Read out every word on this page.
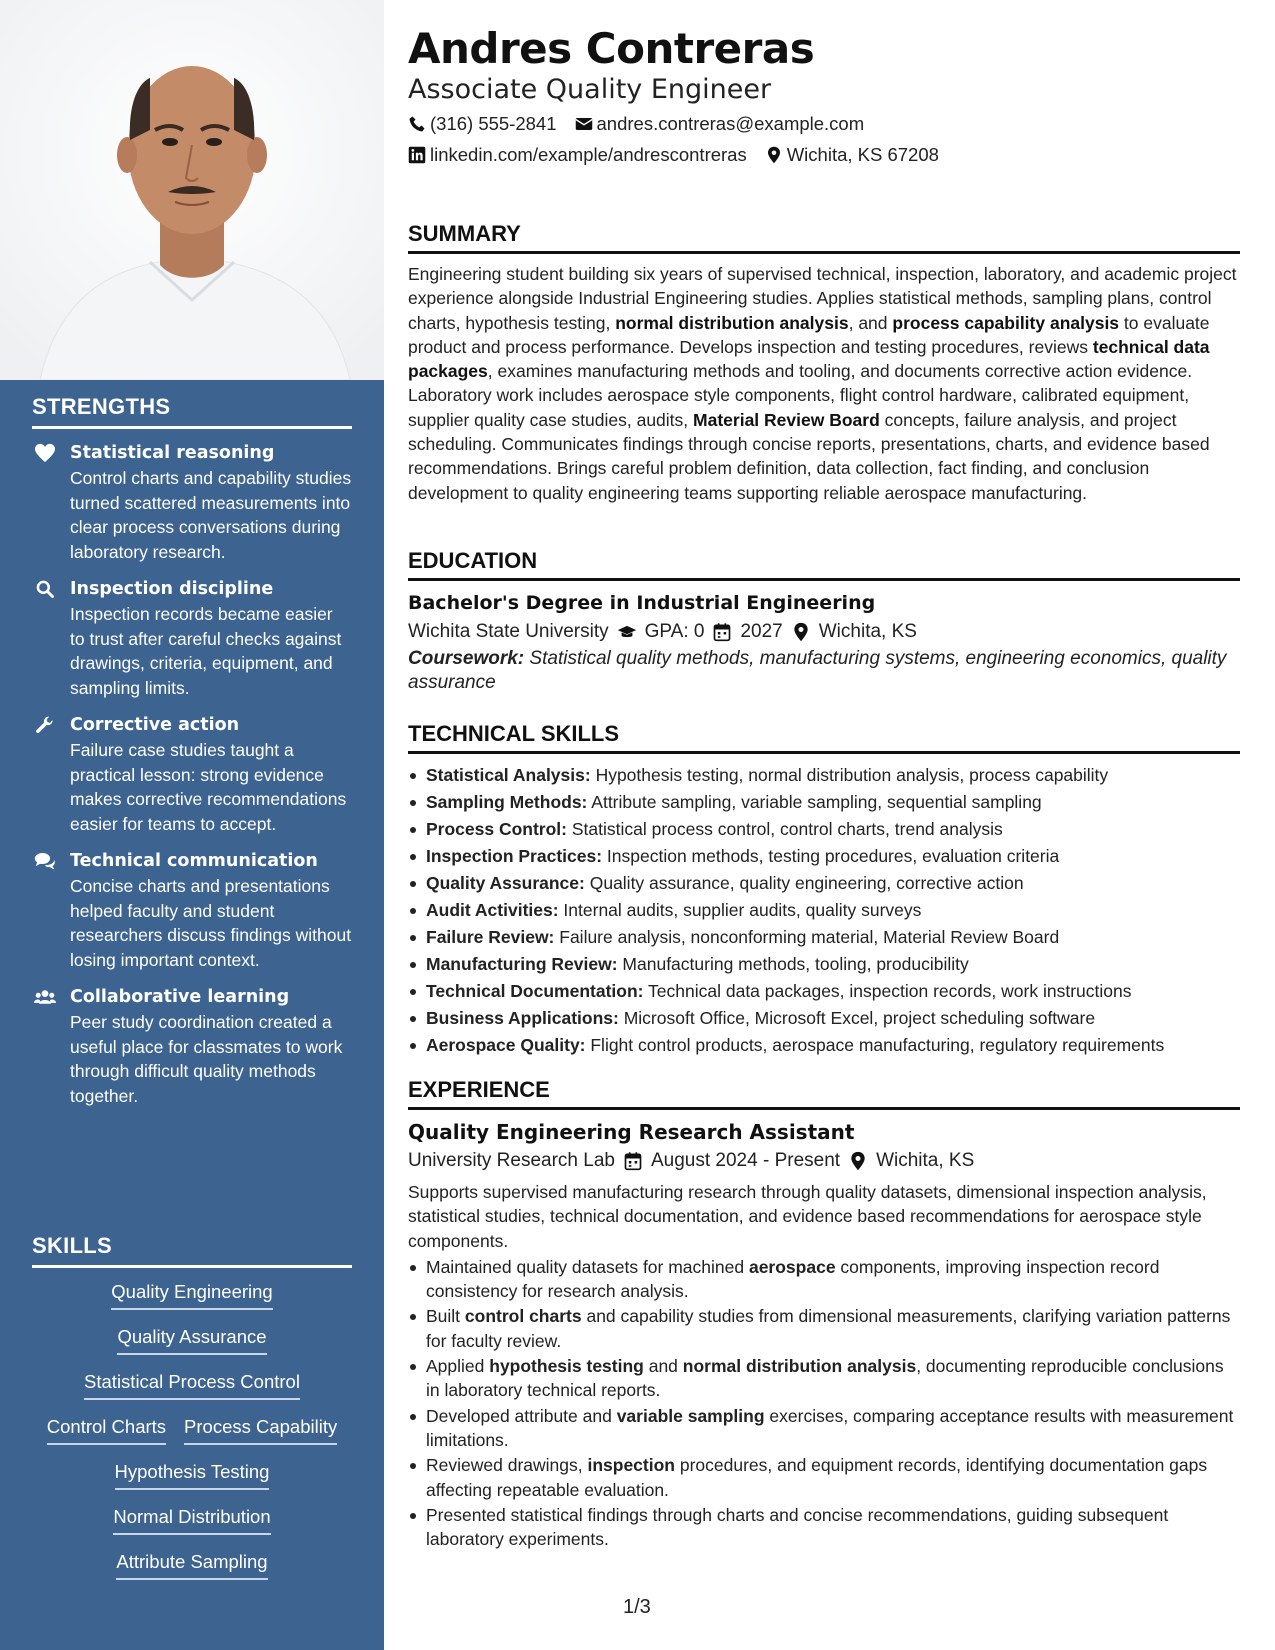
STRENGTHS
Statistical reasoning
Control charts and capability studies turned scattered measurements into clear process conversations during laboratory research.
Inspection discipline
Inspection records became easier to trust after careful checks against drawings, criteria, equipment, and sampling limits.
Corrective action
Failure case studies taught a practical lesson: strong evidence makes corrective recommendations easier for teams to accept.
Technical communication
Concise charts and presentations helped faculty and student researchers discuss findings without losing important context.
Collaborative learning
Peer study coordination created a useful place for classmates to work through difficult quality methods together.
SKILLS
Quality Engineering
Quality Assurance
Statistical Process Control
Control Charts Process Capability
Hypothesis Testing
Normal Distribution
Attribute Sampling
Andres Contreras
Associate Quality Engineer
(316) 555-2841 andres.contreras@example.com
linkedin.com/example/andrescontreras Wichita, KS 67208
SUMMARY
Engineering student building six years of supervised technical, inspection, laboratory, and academic project experience alongside Industrial Engineering studies. Applies statistical methods, sampling plans, control charts, hypothesis testing, normal distribution analysis, and process capability analysis to evaluate product and process performance. Develops inspection and testing procedures, reviews technical data packages, examines manufacturing methods and tooling, and documents corrective action evidence. Laboratory work includes aerospace style components, flight control hardware, calibrated equipment, supplier quality case studies, audits, Material Review Board concepts, failure analysis, and project scheduling. Communicates findings through concise reports, presentations, charts, and evidence based recommendations. Brings careful problem definition, data collection, fact finding, and conclusion development to quality engineering teams supporting reliable aerospace manufacturing.
EDUCATION
Bachelor's Degree in Industrial Engineering
Wichita State University GPA: 0 2027 Wichita, KS
Coursework: Statistical quality methods, manufacturing systems, engineering economics, quality assurance
TECHNICAL SKILLS
Statistical Analysis: Hypothesis testing, normal distribution analysis, process capability
Sampling Methods: Attribute sampling, variable sampling, sequential sampling
Process Control: Statistical process control, control charts, trend analysis
Inspection Practices: Inspection methods, testing procedures, evaluation criteria
Quality Assurance: Quality assurance, quality engineering, corrective action
Audit Activities: Internal audits, supplier audits, quality surveys
Failure Review: Failure analysis, nonconforming material, Material Review Board
Manufacturing Review: Manufacturing methods, tooling, producibility
Technical Documentation: Technical data packages, inspection records, work instructions
Business Applications: Microsoft Office, Microsoft Excel, project scheduling software
Aerospace Quality: Flight control products, aerospace manufacturing, regulatory requirements
EXPERIENCE
Quality Engineering Research Assistant
University Research Lab August 2024 - Present Wichita, KS
Supports supervised manufacturing research through quality datasets, dimensional inspection analysis, statistical studies, technical documentation, and evidence based recommendations for aerospace style components.
Maintained quality datasets for machined aerospace components, improving inspection record consistency for research analysis.
Built control charts and capability studies from dimensional measurements, clarifying variation patterns for faculty review.
Applied hypothesis testing and normal distribution analysis, documenting reproducible conclusions in laboratory technical reports.
Developed attribute and variable sampling exercises, comparing acceptance results with measurement limitations.
Reviewed drawings, inspection procedures, and equipment records, identifying documentation gaps affecting repeatable evaluation.
Presented statistical findings through charts and concise recommendations, guiding subsequent laboratory experiments.
1/3
